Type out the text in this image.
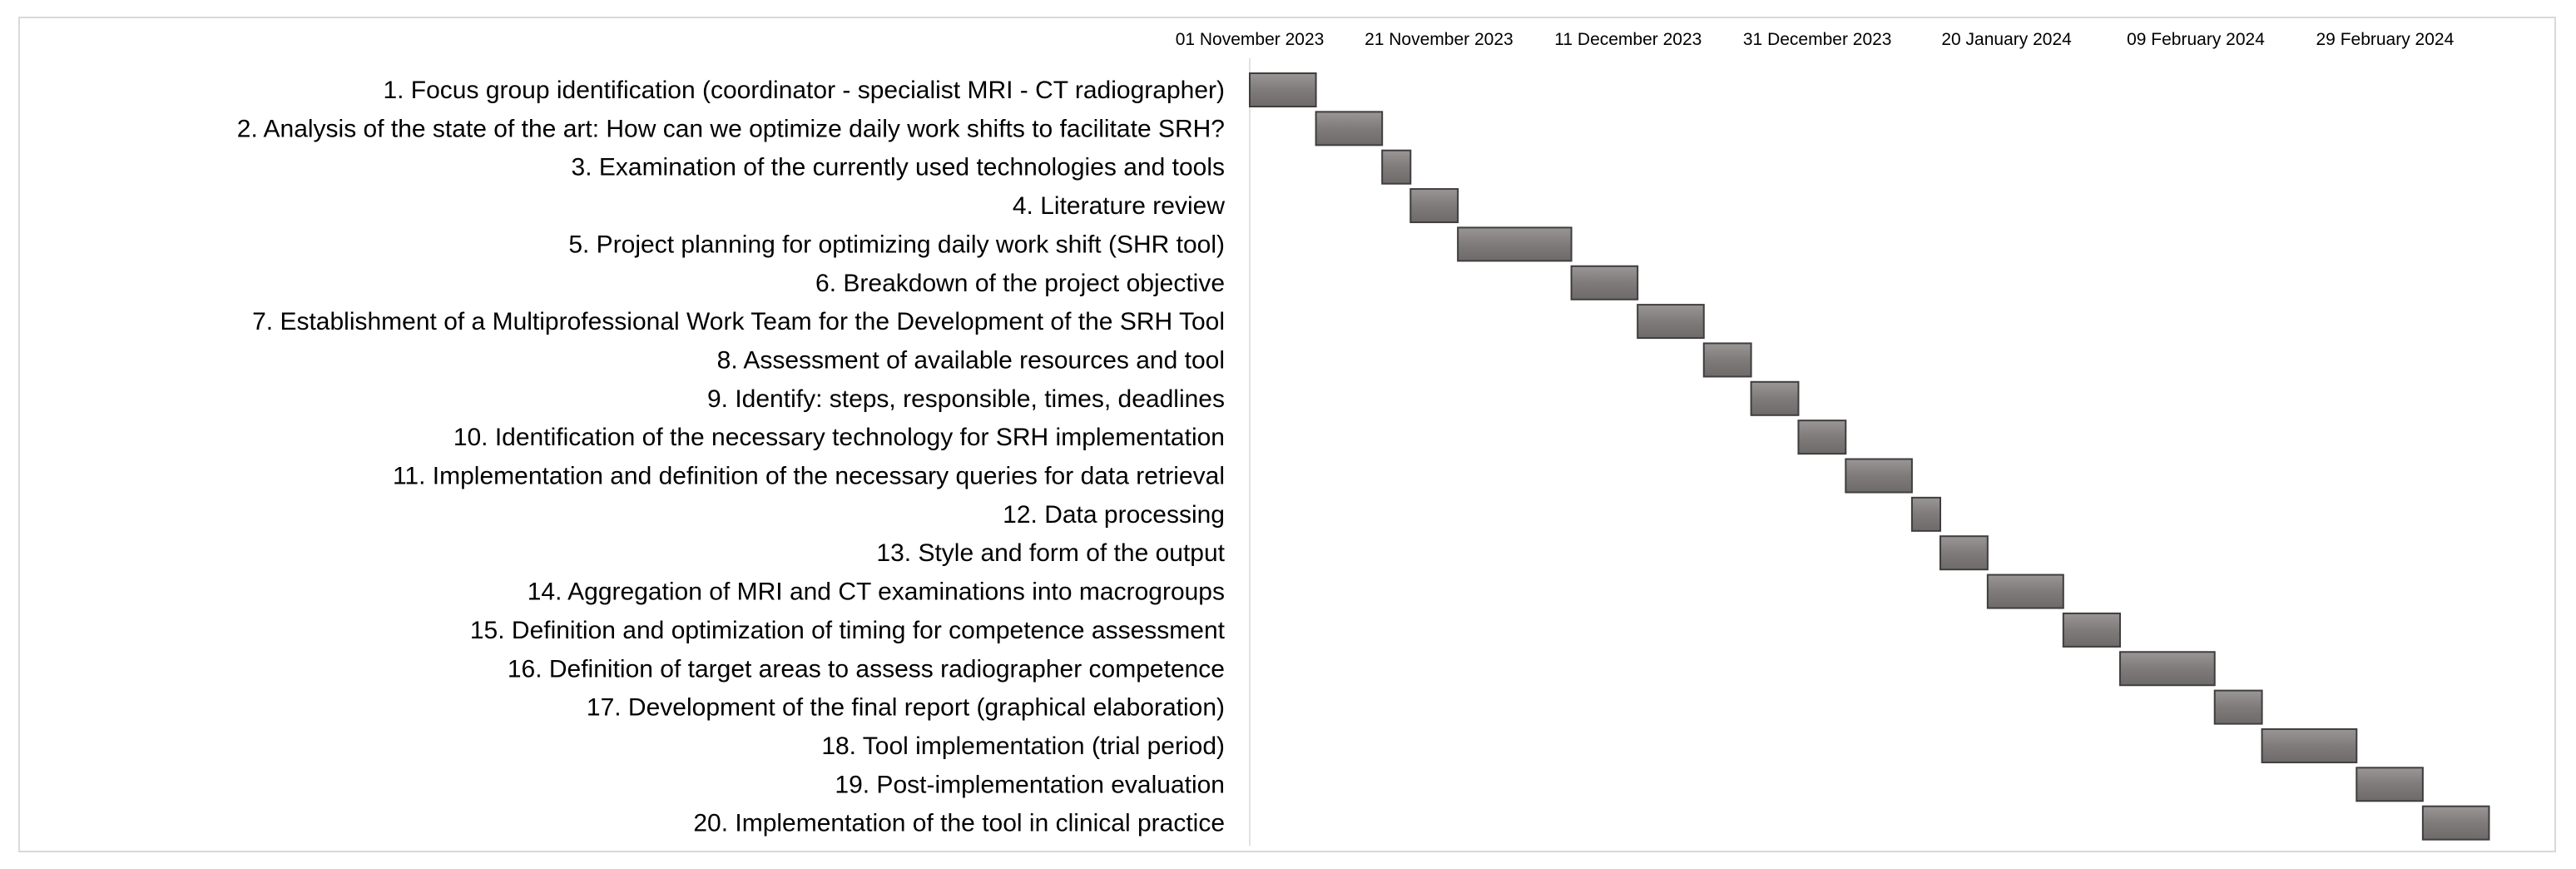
01 November 2023 21 November 2023 11 December 2023 31 December 2023	20 January 2024	09 February 2024	29 February 2024
1. Focus group identification (coordinator - specialist MRI - CT radiographer)
2. Analysis of the state of the art: How can we optimize daily work shifts to facilitate SRH?
3. Examination of the currently used technologies and tools
4. Literature review
5. Project planning for optimizing daily work shift (SHR tool)
6. Breakdown of the project objective
7. Establishment of a Multiprofessional Work Team for the Development of the SRH Tool
8. Assessment of available resources and tool
9. Identify: steps, responsible, times, deadlines
10. Identification of the necessary technology for SRH implementation
11. Implementation and definition of the necessary queries for data retrieval
12. Data processing
13. Style and form of the output
14. Aggregation of MRI and CT examinations into macrogroups
15. Definition and optimization of timing for competence assessment
16. Definition of target areas to assess radiographer competence
17. Development of the final report (graphical elaboration)
18. Tool implementation (trial period)
19. Post-implementation evaluation
20. Implementation of the tool in clinical practice
